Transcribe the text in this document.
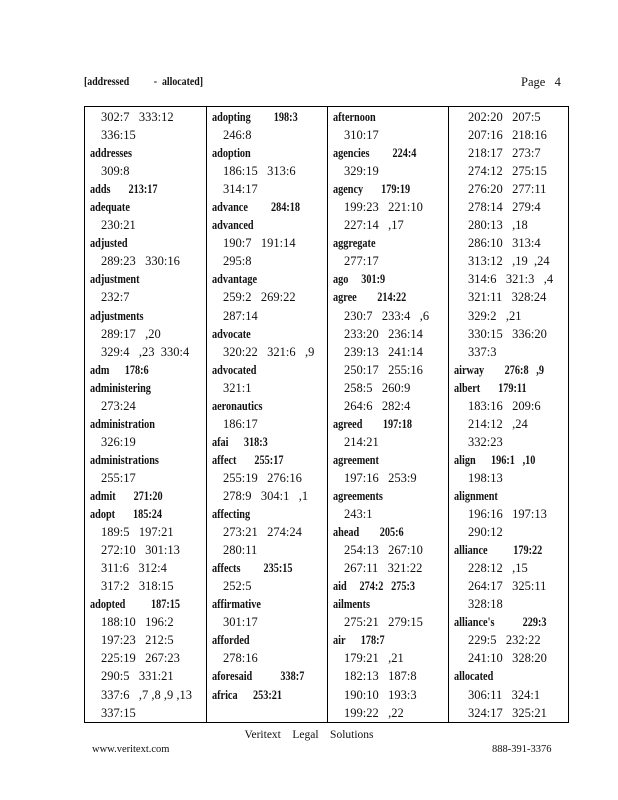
[addressed          -  allocated]	Page   4
302:7   333:12
336:15
addresses
309:8
adds       213:17
adequate
230:21
adjusted
289:23   330:16
adjustment
232:7
adjustments
289:17   ,20
329:4   ,23  330:4
adm      178:6
administering
273:24
administration
326:19
administrations
255:17
admit       271:20
adopt       185:24
189:5   197:21
272:10   301:13
311:6   312:4
317:2   318:15
adopted          187:15
188:10   196:2
197:23   212:5
225:19   267:23
290:5   331:21
337:6   ,7 ,8 ,9 ,13
337:15
adopting         198:3
246:8
adoption
186:15   313:6
314:17
advance         284:18
advanced
190:7   191:14
295:8
advantage
259:2   269:22
287:14
advocate
320:22   321:6   ,9
advocated
321:1
aeronautics
186:17
afai      318:3
affect       255:17
255:19   276:16
278:9   304:1   ,1
affecting
273:21   274:24
280:11
affects         235:15
252:5
affirmative
301:17
afforded
278:16
aforesaid           338:7
africa      253:21
afternoon
310:17
agencies         224:4
329:19
agency       179:19
199:23   221:10
227:14   ,17
aggregate
277:17
ago     301:9
agree        214:22
230:7   233:4   ,6
233:20   236:14
239:13   241:14
250:17   255:16
258:5   260:9
264:6   282:4
agreed        197:18
214:21
agreement
197:16   253:9
agreements
243:1
ahead        205:6
254:13   267:10
267:11   321:22
aid     274:2   275:3
ailments
275:21   279:15
air      178:7
179:21   ,21
182:13   187:8
190:10   193:3
199:22   ,22
202:20   207:5
207:16   218:16
218:17   273:7
274:12   275:15
276:20   277:11
278:14   279:4
280:13   ,18
286:10   313:4
313:12   ,19  ,24
314:6   321:3   ,4
321:11   328:24
329:2   ,21
330:15   336:20
337:3
airway        276:8   ,9
albert       179:11
183:16   209:6
214:12   ,24
332:23
align      196:1   ,10
198:13
alignment
196:16   197:13
290:12
alliance          179:22
228:12   ,15
264:17   325:11
328:18
alliance's           229:3
229:5   232:22
241:10   328:20
allocated
306:11   324:1
324:17   325:21
Veritext    Legal    Solutions
www.veritext.com	888-391-3376
